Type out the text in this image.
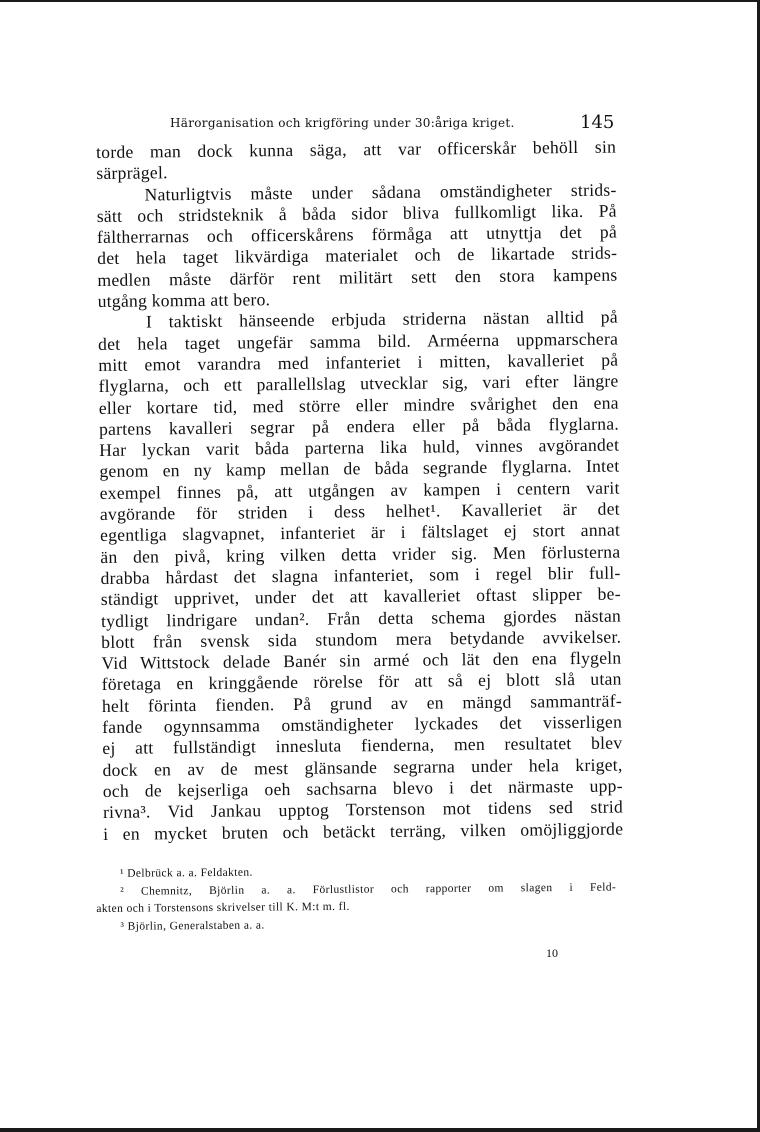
Härorganisation och krigföring under 30:åriga kriget.	145
torde man dock kunna säga, att var officerskår behöll sin
särprägel.
Naturligtvis måste under sådana omständigheter strids-
sätt och stridsteknik å båda sidor bliva fullkomligt lika. På
fältherrarnas och officerskårens förmåga att utnyttja det på
det hela taget likvärdiga materialet och de likartade strids-
medlen måste därför rent militärt sett den stora kampens
utgång komma att bero.
I taktiskt hänseende erbjuda striderna nästan alltid på
det hela taget ungefär samma bild. Arméerna uppmarschera
mitt emot varandra med infanteriet i mitten, kavalleriet på
flyglarna, och ett parallellslag utvecklar sig, vari efter längre
eller kortare tid, med större eller mindre svårighet den ena
partens kavalleri segrar på endera eller på båda flyglarna.
Har lyckan varit båda parterna lika huld, vinnes avgörandet
genom en ny kamp mellan de båda segrande flyglarna. Intet
exempel finnes på, att utgången av kampen i centern varit
avgörande för striden i dess helhet¹. Kavalleriet är det
egentliga slagvapnet, infanteriet är i fältslaget ej stort annat
än den pivå, kring vilken detta vrider sig. Men förlusterna
drabba hårdast det slagna infanteriet, som i regel blir full-
ständigt upprivet, under det att kavalleriet oftast slipper be-
tydligt lindrigare undan². Från detta schema gjordes nästan
blott från svensk sida stundom mera betydande avvikelser.
Vid Wittstock delade Banér sin armé och lät den ena flygeln
företaga en kringgående rörelse för att så ej blott slå utan
helt förinta fienden. På grund av en mängd sammanträf-
fande ogynnsamma omständigheter lyckades det visserligen
ej att fullständigt innesluta fienderna, men resultatet blev
dock en av de mest glänsande segrarna under hela kriget,
och de kejserliga oeh sachsarna blevo i det närmaste upp-
rivna³. Vid Jankau upptog Torstenson mot tidens sed strid
i en mycket bruten och betäckt terräng, vilken omöjliggjorde
¹ Delbrück a. a. Feldakten.
² Chemnitz, Björlin a. a. Förlustlistor och rapporter om slagen i Feld-
akten och i Torstensons skrivelser till K. M:t m. fl.
³ Björlin, Generalstaben a. a.
10
